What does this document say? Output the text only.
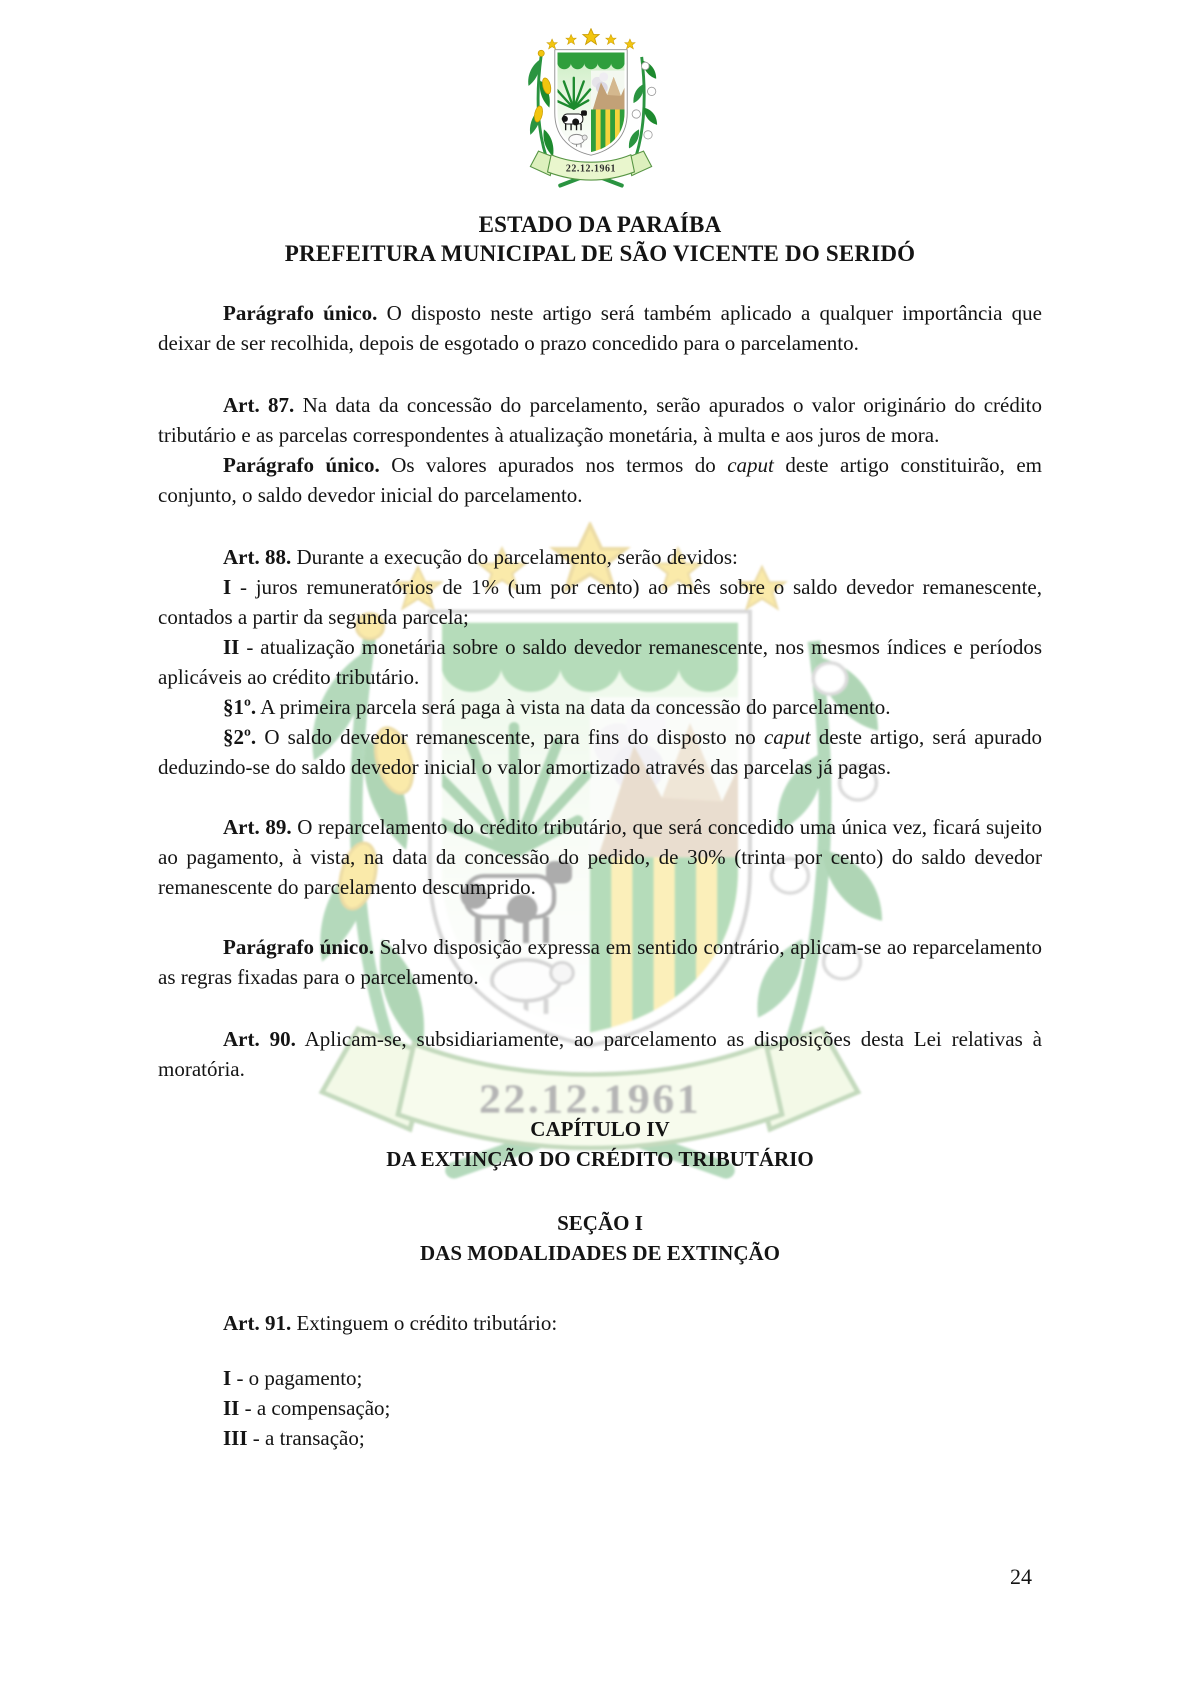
ESTADO DA PARAÍBA
PREFEITURA MUNICIPAL DE SÃO VICENTE DO SERIDÓ

Parágrafo único. O disposto neste artigo será também aplicado a qualquer importância que deixar de ser recolhida, depois de esgotado o prazo concedido para o parcelamento.

Art. 87. Na data da concessão do parcelamento, serão apurados o valor originário do crédito tributário e as parcelas correspondentes à atualização monetária, à multa e aos juros de mora.

Parágrafo único. Os valores apurados nos termos do caput deste artigo constituirão, em conjunto, o saldo devedor inicial do parcelamento.

Art. 88. Durante a execução do parcelamento, serão devidos:

I - juros remuneratórios de 1% (um por cento) ao mês sobre o saldo devedor remanescente, contados a partir da segunda parcela;

II - atualização monetária sobre o saldo devedor remanescente, nos mesmos índices e períodos aplicáveis ao crédito tributário.

§1º. A primeira parcela será paga à vista na data da concessão do parcelamento.

§2º. O saldo devedor remanescente, para fins do disposto no caput deste artigo, será apurado deduzindo-se do saldo devedor inicial o valor amortizado através das parcelas já pagas.

Art. 89. O reparcelamento do crédito tributário, que será concedido uma única vez, ficará sujeito ao pagamento, à vista, na data da concessão do pedido, de 30% (trinta por cento) do saldo devedor remanescente do parcelamento descumprido.

Parágrafo único. Salvo disposição expressa em sentido contrário, aplicam-se ao reparcelamento as regras fixadas para o parcelamento.

Art. 90. Aplicam-se, subsidiariamente, ao parcelamento as disposições desta Lei relativas à moratória.

CAPÍTULO IV
DA EXTINÇÃO DO CRÉDITO TRIBUTÁRIO
SEÇÃO I
DAS MODALIDADES DE EXTINÇÃO

Art. 91. Extinguem o crédito tributário:

I - o pagamento;

II - a compensação;

III - a transação;

24
